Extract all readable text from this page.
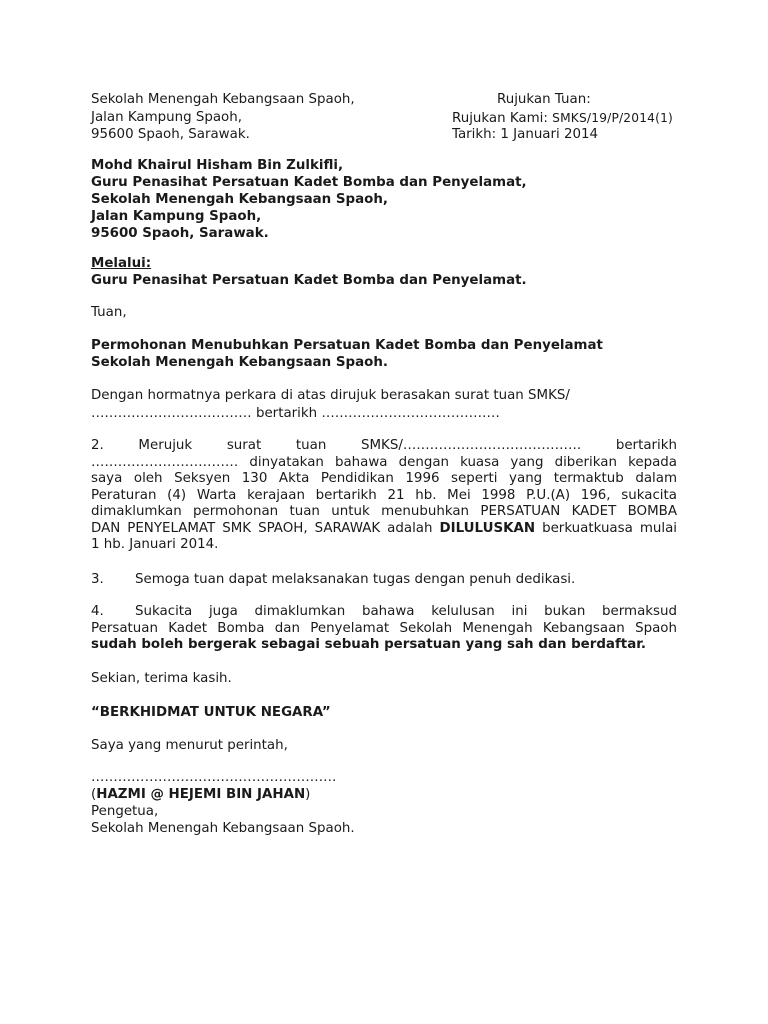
Sekolah Menengah Kebangsaan Spaoh,
Jalan Kampung Spaoh,
95600 Spaoh, Sarawak.
Rujukan Tuan:
Rujukan Kami: SMKS/19/P/2014(1)
Tarikh: 1 Januari 2014
Mohd Khairul Hisham Bin Zulkifli,
Guru Penasihat Persatuan Kadet Bomba dan Penyelamat,
Sekolah Menengah Kebangsaan Spaoh,
Jalan Kampung Spaoh,
95600 Spaoh, Sarawak.
Melalui:
Guru Penasihat Persatuan Kadet Bomba dan Penyelamat.
Tuan,
Permohonan Menubuhkan Persatuan Kadet Bomba dan Penyelamat
Sekolah Menengah Kebangsaan Spaoh.
Dengan hormatnya perkara di atas dirujuk berasakan surat tuan SMKS/
……………………………… bertarikh ………………………………….
2. Merujuk surat tuan SMKS/…………………………………. bertarikh
…………………………… dinyatakan bahawa dengan kuasa yang diberikan kepada
saya oleh Seksyen 130 Akta Pendidikan 1996 seperti yang termaktub dalam
Peraturan (4) Warta kerajaan bertarikh 21 hb. Mei 1998 P.U.(A) 196, sukacita
dimaklumkan permohonan tuan untuk menubuhkan PERSATUAN KADET BOMBA
DAN PENYELAMAT SMK SPAOH, SARAWAK adalah DILULUSKAN berkuatkuasa mulai
1 hb. Januari 2014.
3. Semoga tuan dapat melaksanakan tugas dengan penuh dedikasi.
4. Sukacita juga dimaklumkan bahawa kelulusan ini bukan bermaksud
Persatuan Kadet Bomba dan Penyelamat Sekolah Menengah Kebangsaan Spaoh
sudah boleh bergerak sebagai sebuah persatuan yang sah dan berdaftar.
Sekian, terima kasih.
“BERKHIDMAT UNTUK NEGARA”
Saya yang menurut perintah,
……………………………………………….
(HAZMI @ HEJEMI BIN JAHAN)
Pengetua,
Sekolah Menengah Kebangsaan Spaoh.
